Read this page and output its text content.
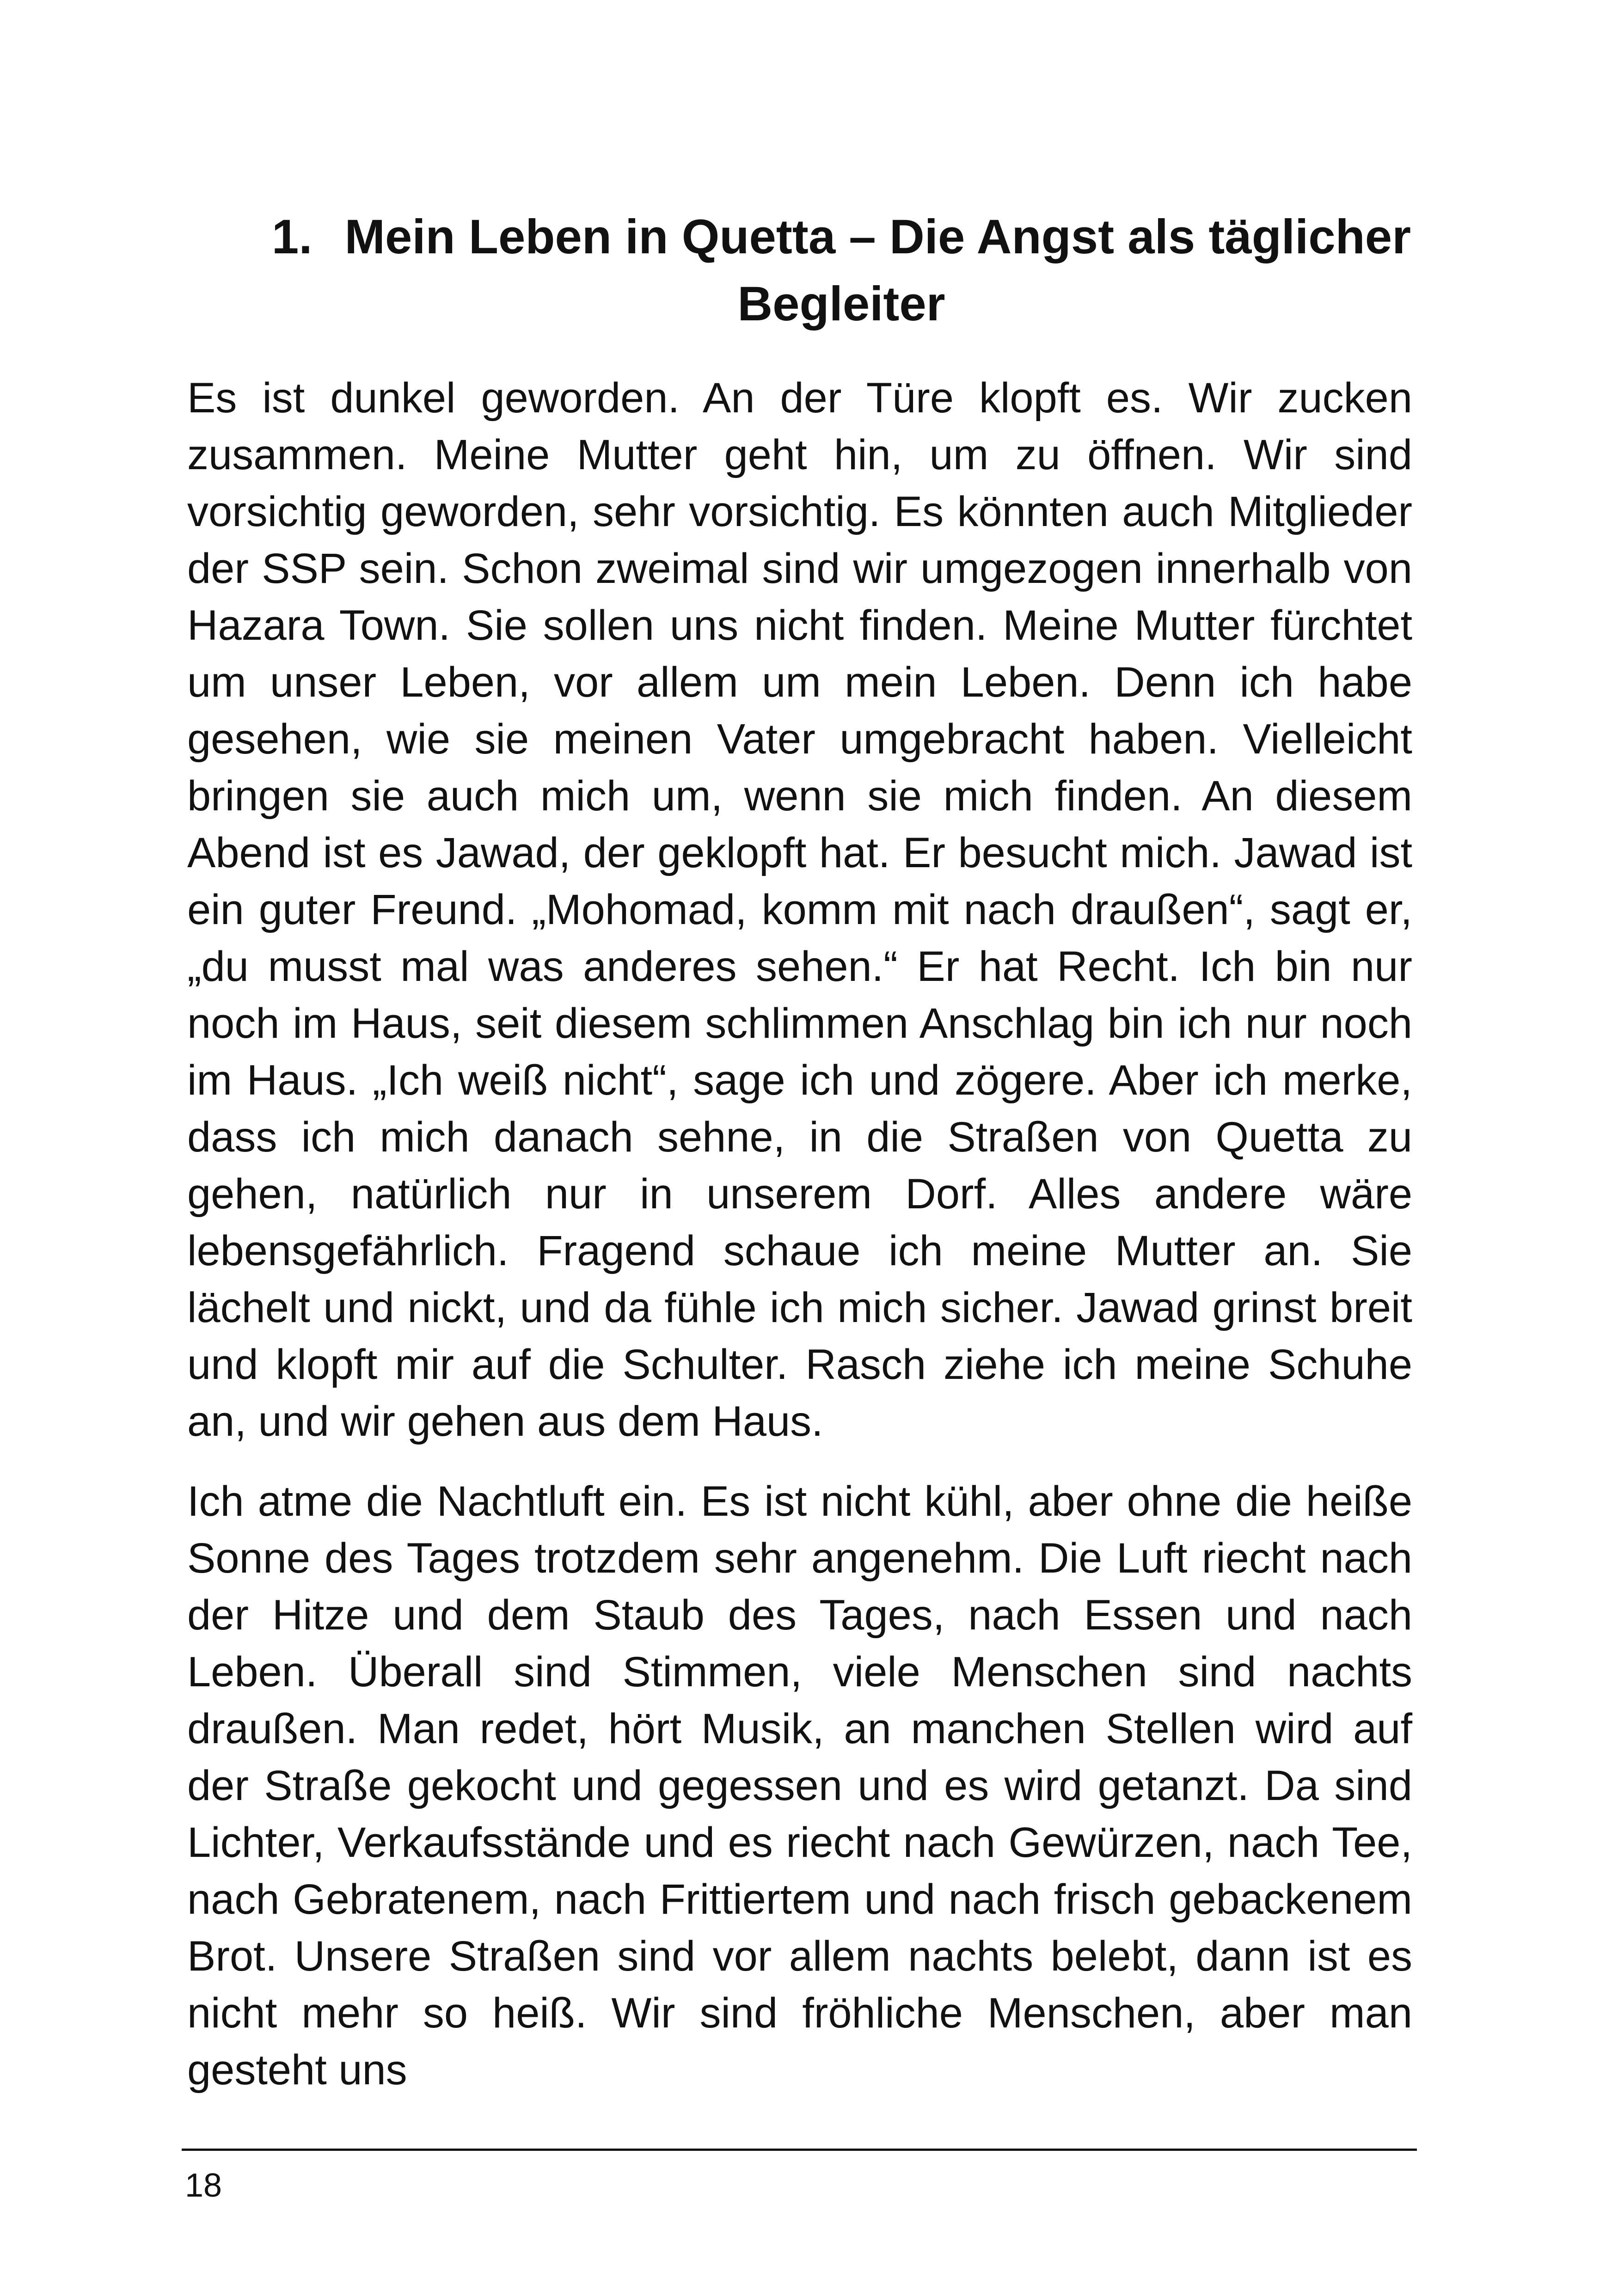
1. Mein Leben in Quetta – Die Angst als täglicher Begleiter

Es ist dunkel geworden. An der Türe klopft es. Wir zucken zusammen. Meine Mutter geht hin, um zu öffnen. Wir sind vorsichtig geworden, sehr vorsichtig. Es könnten auch Mitglieder der SSP sein. Schon zweimal sind wir umgezogen innerhalb von Hazara Town. Sie sollen uns nicht finden. Meine Mutter fürchtet um unser Leben, vor allem um mein Leben. Denn ich habe gesehen, wie sie meinen Vater umgebracht haben. Vielleicht bringen sie auch mich um, wenn sie mich finden. An diesem Abend ist es Jawad, der geklopft hat. Er besucht mich. Jawad ist ein guter Freund. „Mohomad, komm mit nach draußen“, sagt er, „du musst mal was anderes sehen.“ Er hat Recht. Ich bin nur noch im Haus, seit diesem schlimmen Anschlag bin ich nur noch im Haus. „Ich weiß nicht“, sage ich und zögere. Aber ich merke, dass ich mich danach sehne, in die Straßen von Quetta zu gehen, natürlich nur in unserem Dorf. Alles andere wäre lebensgefährlich. Fragend schaue ich meine Mutter an. Sie lächelt und nickt, und da fühle ich mich sicher. Jawad grinst breit und klopft mir auf die Schulter. Rasch ziehe ich meine Schuhe an, und wir gehen aus dem Haus.

Ich atme die Nachtluft ein. Es ist nicht kühl, aber ohne die heiße Sonne des Tages trotzdem sehr angenehm. Die Luft riecht nach der Hitze und dem Staub des Tages, nach Essen und nach Leben. Überall sind Stimmen, viele Menschen sind nachts draußen. Man redet, hört Musik, an manchen Stellen wird auf der Straße gekocht und gegessen und es wird getanzt. Da sind Lichter, Verkaufsstände und es riecht nach Gewürzen, nach Tee, nach Gebratenem, nach Frittiertem und nach frisch gebackenem Brot. Unsere Straßen sind vor allem nachts belebt, dann ist es nicht mehr so heiß. Wir sind fröhliche Menschen, aber man gesteht uns

18
